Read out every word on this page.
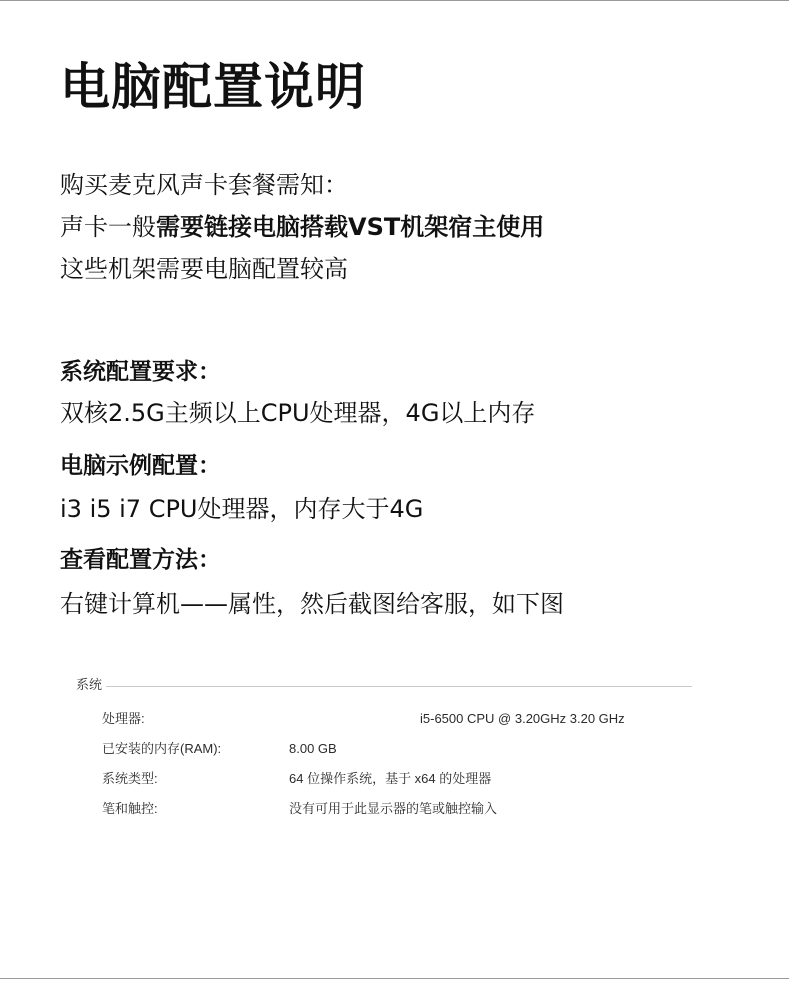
电脑配置说明
购买麦克风声卡套餐需知：
声卡一般需要链接电脑搭载VST机架宿主使用
这些机架需要电脑配置较高
系统配置要求：
双核2.5G主频以上CPU处理器，4G以上内存
电脑示例配置：
i3 i5 i7 CPU处理器，内存大于4G
查看配置方法：
右键计算机——属性，然后截图给客服，如下图
系统
处理器:	i5-6500 CPU @ 3.20GHz 3.20 GHz
已安装的内存(RAM):	8.00 GB
系统类型:	64 位操作系统，基于 x64 的处理器
笔和触控:	没有可用于此显示器的笔或触控输入
